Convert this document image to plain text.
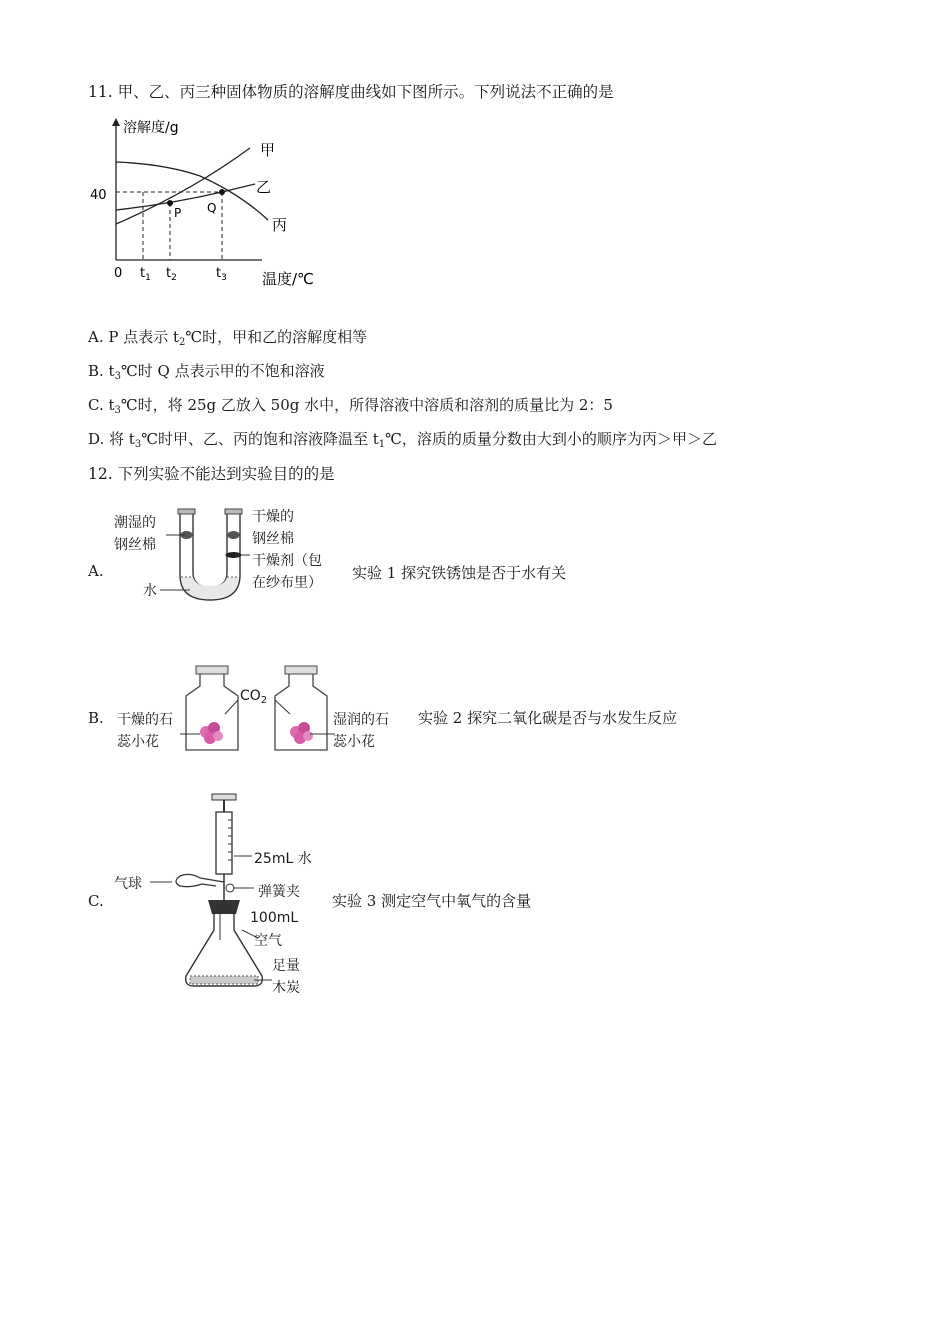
11. 甲、乙、丙三种固体物质的溶解度曲线如下图所示。下列说法不正确的是
溶解度/g
40
0 $t_1$ $t_2$	$t_3$ 温度/℃
P Q
甲
乙
丙
A. P 点表示 $t_2℃$时，甲和乙的溶解度相等
B. $t_3℃$时 Q 点表示甲的不饱和溶液
C. $t_3℃$时，将 25g 乙放入 50g 水中，所得溶液中溶质和溶剂的质量比为 2：5
D. 将 $t_3℃$时甲、乙、丙的饱和溶液降温至 $t_1℃$，溶质的质量分数由大到小的顺序为丙＞甲＞乙
12. 下列实验不能达到实验目的的是
A.
潮湿的
钢丝棉
干燥的
钢丝棉
干燥剂（包
在纱布里）
水
实验 1 探究铁锈蚀是否于水有关
B.
$CO_2$
干燥的石
蕊小花
湿润的石
蕊小花
实验 2 探究二氧化碳是否与水发生反应
C.
25mL 水
弹簧夹
气球
100mL
空气
足量
木炭
实验 3 测定空气中氧气的含量
